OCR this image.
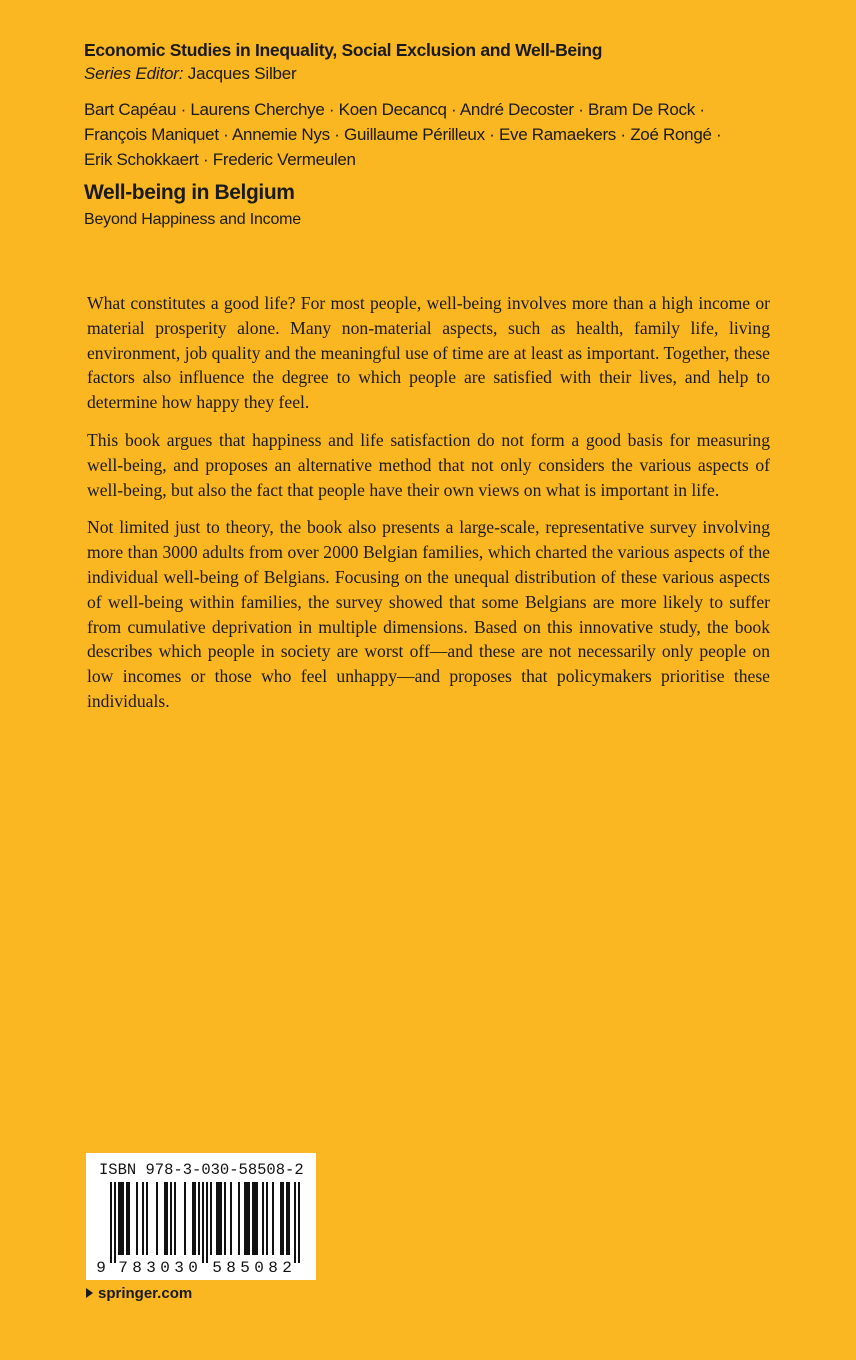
Economic Studies in Inequality, Social Exclusion and Well-Being
Series Editor: Jacques Silber
Bart Capéau · Laurens Cherchye · Koen Decancq · André Decoster · Bram De Rock ·
François Maniquet · Annemie Nys · Guillaume Périlleux · Eve Ramaekers · Zoé Rongé ·
Erik Schokkaert · Frederic Vermeulen
Well-being in Belgium
Beyond Happiness and Income

What constitutes a good life? For most people, well-being involves more than a high income or material prosperity alone. Many non-material aspects, such as health, family life, living environment, job quality and the meaningful use of time are at least as important. Together, these factors also influence the degree to which people are satisfied with their lives, and help to determine how happy they feel.

This book argues that happiness and life satisfaction do not form a good basis for measuring well-being, and proposes an alternative method that not only considers the various aspects of well-being, but also the fact that people have their own views on what is important in life.

Not limited just to theory, the book also presents a large-scale, representative survey involving more than 3000 adults from over 2000 Belgian families, which charted the various aspects of the individual well-being of Belgians. Focusing on the unequal distribution of these various aspects of well-being within families, the survey showed that some Belgians are more likely to suffer from cumulative deprivation in multiple dimensions. Based on this innovative study, the book describes which people in society are worst off—and these are not necessarily only people on low incomes or those who feel unhappy—and proposes that policymakers prioritise these individuals.

ISBN 978-3-030-58508-2
9 7 8 3 0 3 0 5 8 5 0 8 2
springer.com
